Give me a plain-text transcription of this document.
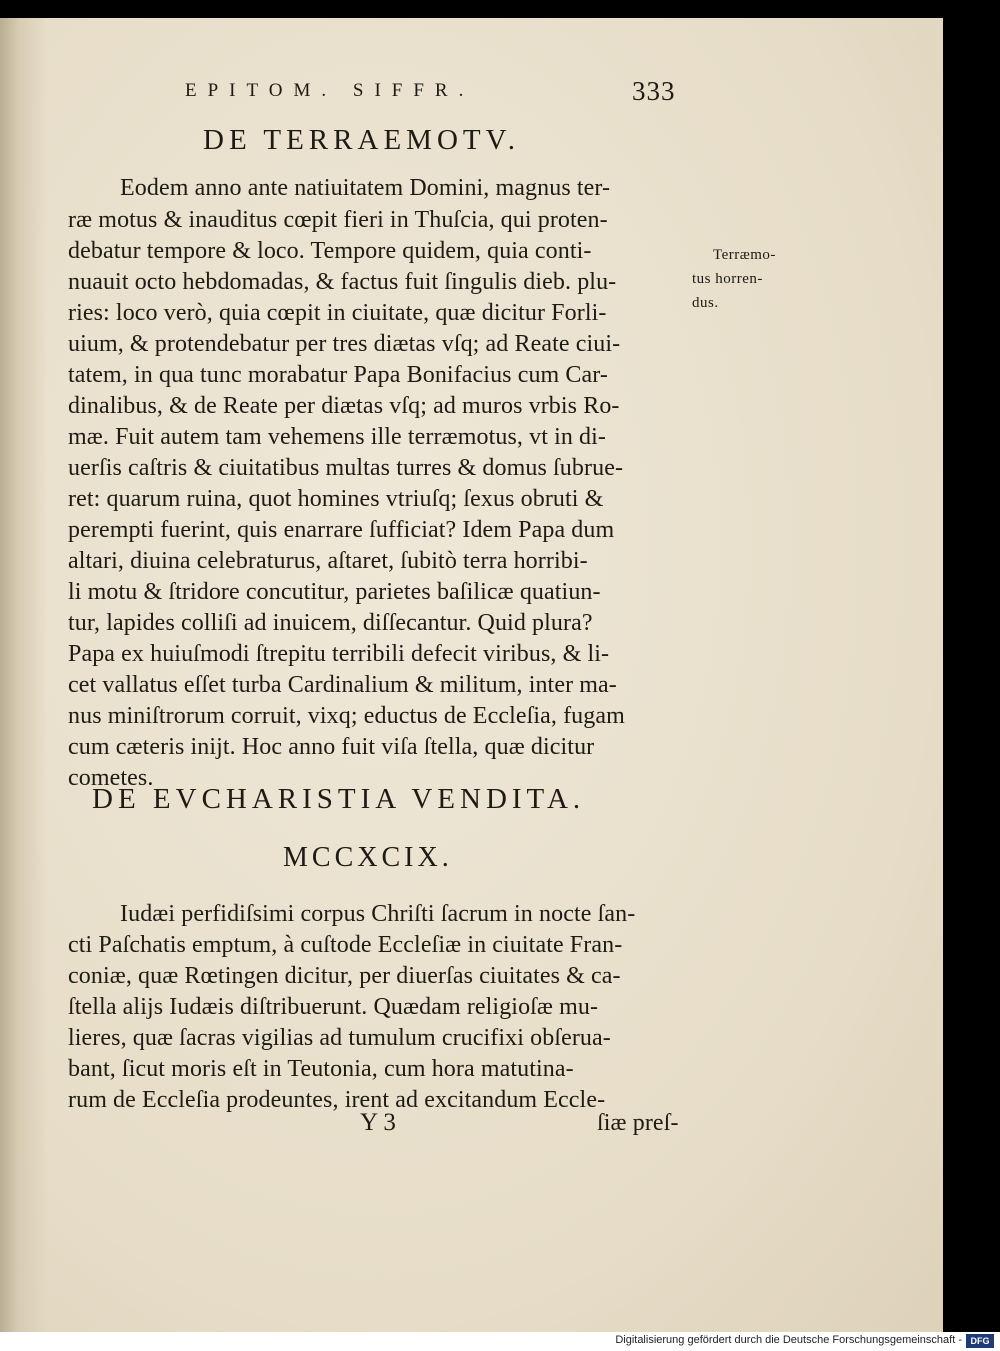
EPITOM. SIFFR.	333
DE TERRAEMOTV.
Eodem anno ante natiuitatem Domini, magnus ter-
ræ motus & inauditus cœpit fieri in Thuſcia, qui proten-
debatur tempore & loco. Tempore quidem, quia conti-
nuauit octo hebdomadas, & factus fuit ſingulis dieb. plu-
ries: loco verò, quia cœpit in ciuitate, quæ dicitur Forli-
uium, & protendebatur per tres diætas vſq; ad Reate ciui-
tatem, in qua tunc morabatur Papa Bonifacius cum Car-
dinalibus, & de Reate per diætas vſq; ad muros vrbis Ro-
mæ. Fuit autem tam vehemens ille terræmotus, vt in di-
uerſis caſtris & ciuitatibus multas turres & domus ſubrue-
ret: quarum ruina, quot homines vtriuſq; ſexus obruti &
perempti fuerint, quis enarrare ſufficiat? Idem Papa dum
altari, diuina celebraturus, aſtaret, ſubitò terra horribi-
li motu & ſtridore concutitur, parietes baſilicæ quatiun-
tur, lapides colliſi ad inuicem, diſſecantur. Quid plura?
Papa ex huiuſmodi ſtrepitu terribili defecit viribus, & li-
cet vallatus eſſet turba Cardinalium & militum, inter ma-
nus miniſtrorum corruit, vixq; eductus de Eccleſia, fugam
cum cæteris inijt. Hoc anno fuit viſa ſtella, quæ dicitur
cometes.
Terræmo-
tus horren-
dus.
DE EVCHARISTIA VENDITA.
MCCXCIX.
Iudæi perfidiſsimi corpus Chriſti ſacrum in nocte ſan-
cti Paſchatis emptum, à cuſtode Eccleſiæ in ciuitate Fran-
coniæ, quæ Rœtingen dicitur, per diuerſas ciuitates & ca-
ſtella alijs Iudæis diſtribuerunt. Quædam religioſæ mu-
lieres, quæ ſacras vigilias ad tumulum crucifixi obſerua-
bant, ſicut moris eſt in Teutonia, cum hora matutina-
rum de Eccleſia prodeuntes, irent ad excitandum Eccle-
Y 3	ſiæ preſ-
Digitalisierung gefördert durch die Deutsche Forschungsgemeinschaft - DFG
